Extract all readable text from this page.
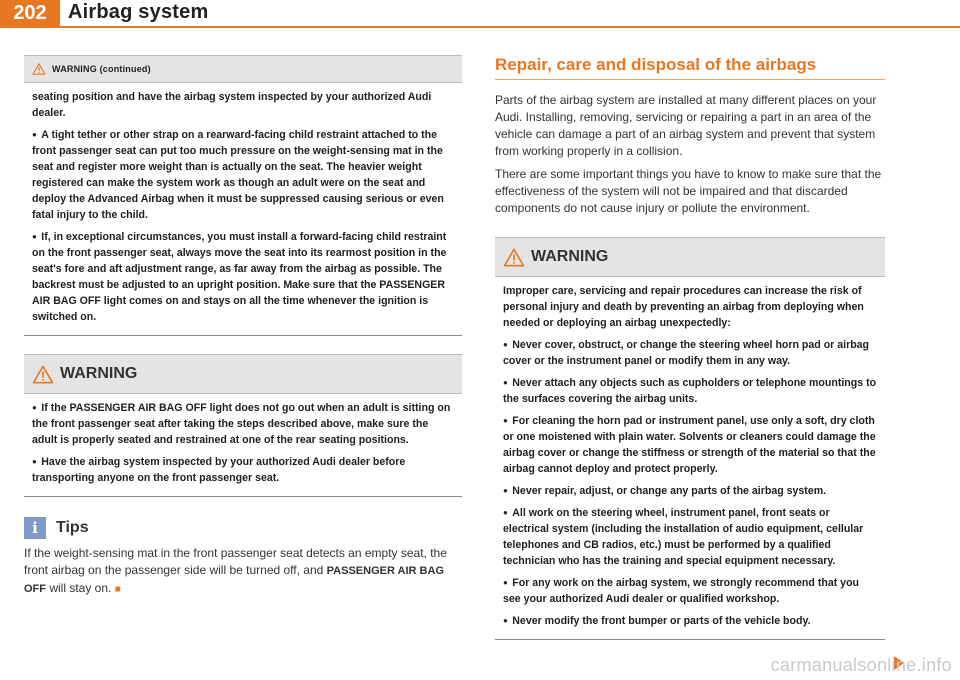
202	Airbag system
WARNING (continued)

seating position and have the airbag system inspected by your authorized Audi dealer.

●  A tight tether or other strap on a rearward-facing child restraint attached to the front passenger seat can put too much pressure on the weight-sensing mat in the seat and register more weight than is actually on the seat. The heavier weight registered can make the system work as though an adult were on the seat and deploy the Advanced Airbag when it must be suppressed causing serious or even fatal injury to the child.

●  If, in exceptional circumstances, you must install a forward-facing child restraint on the front passenger seat, always move the seat into its rearmost position in the seat's fore and aft adjustment range, as far away from the airbag as possible. The backrest must be adjusted to an upright position. Make sure that the PASSENGER AIR BAG OFF light comes on and stays on all the time whenever the ignition is switched on.

WARNING

●  If the PASSENGER AIR BAG OFF light does not go out when an adult is sitting on the front passenger seat after taking the steps described above, make sure the adult is properly seated and restrained at one of the rear seating positions.

●  Have the airbag system inspected by your authorized Audi dealer before transporting anyone on the front passenger seat.

i	Tips
If the weight-sensing mat in the front passenger seat detects an empty seat, the front airbag on the passenger side will be turned off, and PASSENGER AIR BAG OFF will stay on. ■
Repair, care and disposal of the airbags

Parts of the airbag system are installed at many different places on your Audi. Installing, removing, servicing or repairing a part in an area of the vehicle can damage a part of an airbag system and prevent that system from working properly in a collision.

There are some important things you have to know to make sure that the effectiveness of the system will not be impaired and that discarded components do not cause injury or pollute the environment.

WARNING

Improper care, servicing and repair procedures can increase the risk of personal injury and death by preventing an airbag from deploying when needed or deploying an airbag unexpectedly:

●  Never cover, obstruct, or change the steering wheel horn pad or airbag cover or the instrument panel or modify them in any way.

●  Never attach any objects such as cupholders or telephone mountings to the surfaces covering the airbag units.

●  For cleaning the horn pad or instrument panel, use only a soft, dry cloth or one moistened with plain water. Solvents or cleaners could damage the airbag cover or change the stiffness or strength of the material so that the airbag cannot deploy and protect properly.

●  Never repair, adjust, or change any parts of the airbag system.

●  All work on the steering wheel, instrument panel, front seats or electrical system (including the installation of audio equipment, cellular telephones and CB radios, etc.) must be performed by a qualified technician who has the training and special equipment necessary.

●  For any work on the airbag system, we strongly recommend that you see your authorized Audi dealer or qualified workshop.

●  Never modify the front bumper or parts of the vehicle body.

carmanualsonline.info
